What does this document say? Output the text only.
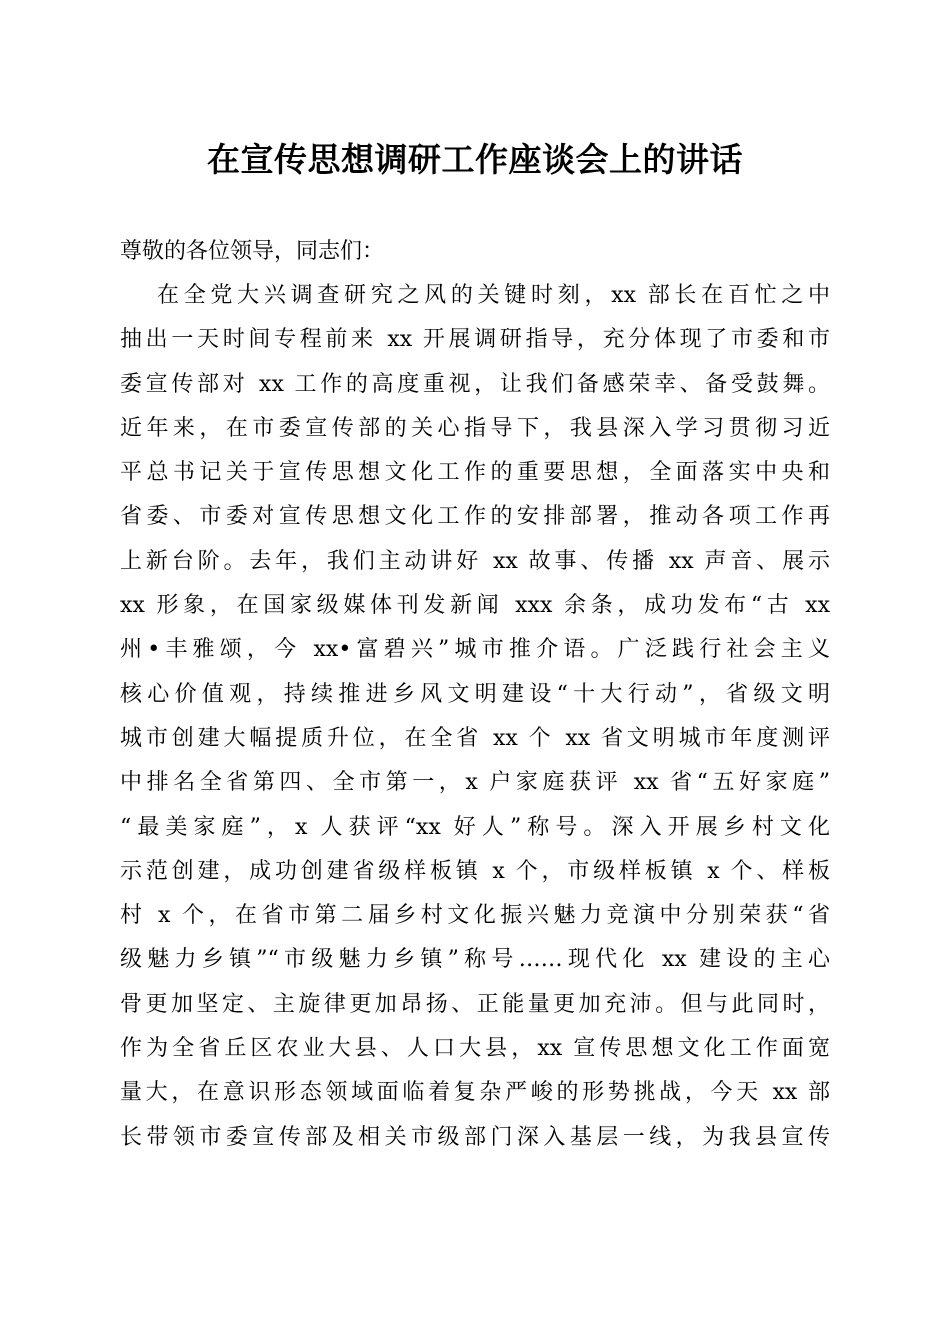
在宣传思想调研工作座谈会上的讲话

尊敬的各位领导，同志们：

在全党大兴调查研究之风的关键时刻，xx 部长在百忙之中
抽出一天时间专程前来 xx 开展调研指导，充分体现了市委和市
委宣传部对 xx 工作的高度重视，让我们备感荣幸、备受鼓舞。
近年来，在市委宣传部的关心指导下，我县深入学习贯彻习近
平总书记关于宣传思想文化工作的重要思想，全面落实中央和
省委、市委对宣传思想文化工作的安排部署，推动各项工作再
上新台阶。去年，我们主动讲好 xx 故事、传播 xx 声音、展示
xx 形象，在国家级媒体刊发新闻 xxx 余条，成功发布“古 xx
州•丰雅颂，今 xx•富碧兴”城市推介语。广泛践行社会主义
核心价值观，持续推进乡风文明建设“十大行动”，省级文明
城市创建大幅提质升位，在全省 xx 个 xx 省文明城市年度测评
中排名全省第四、全市第一，x 户家庭获评 xx 省“五好家庭”
“最美家庭”，x 人获评“xx 好人”称号。深入开展乡村文化
示范创建，成功创建省级样板镇 x 个，市级样板镇 x 个、样板
村 x 个，在省市第二届乡村文化振兴魅力竞演中分别荣获“省
级魅力乡镇”“市级魅力乡镇”称号……现代化 xx 建设的主心
骨更加坚定、主旋律更加昂扬、正能量更加充沛。但与此同时，
作为全省丘区农业大县、人口大县，xx 宣传思想文化工作面宽
量大，在意识形态领域面临着复杂严峻的形势挑战，今天 xx 部
长带领市委宣传部及相关市级部门深入基层一线，为我县宣传
